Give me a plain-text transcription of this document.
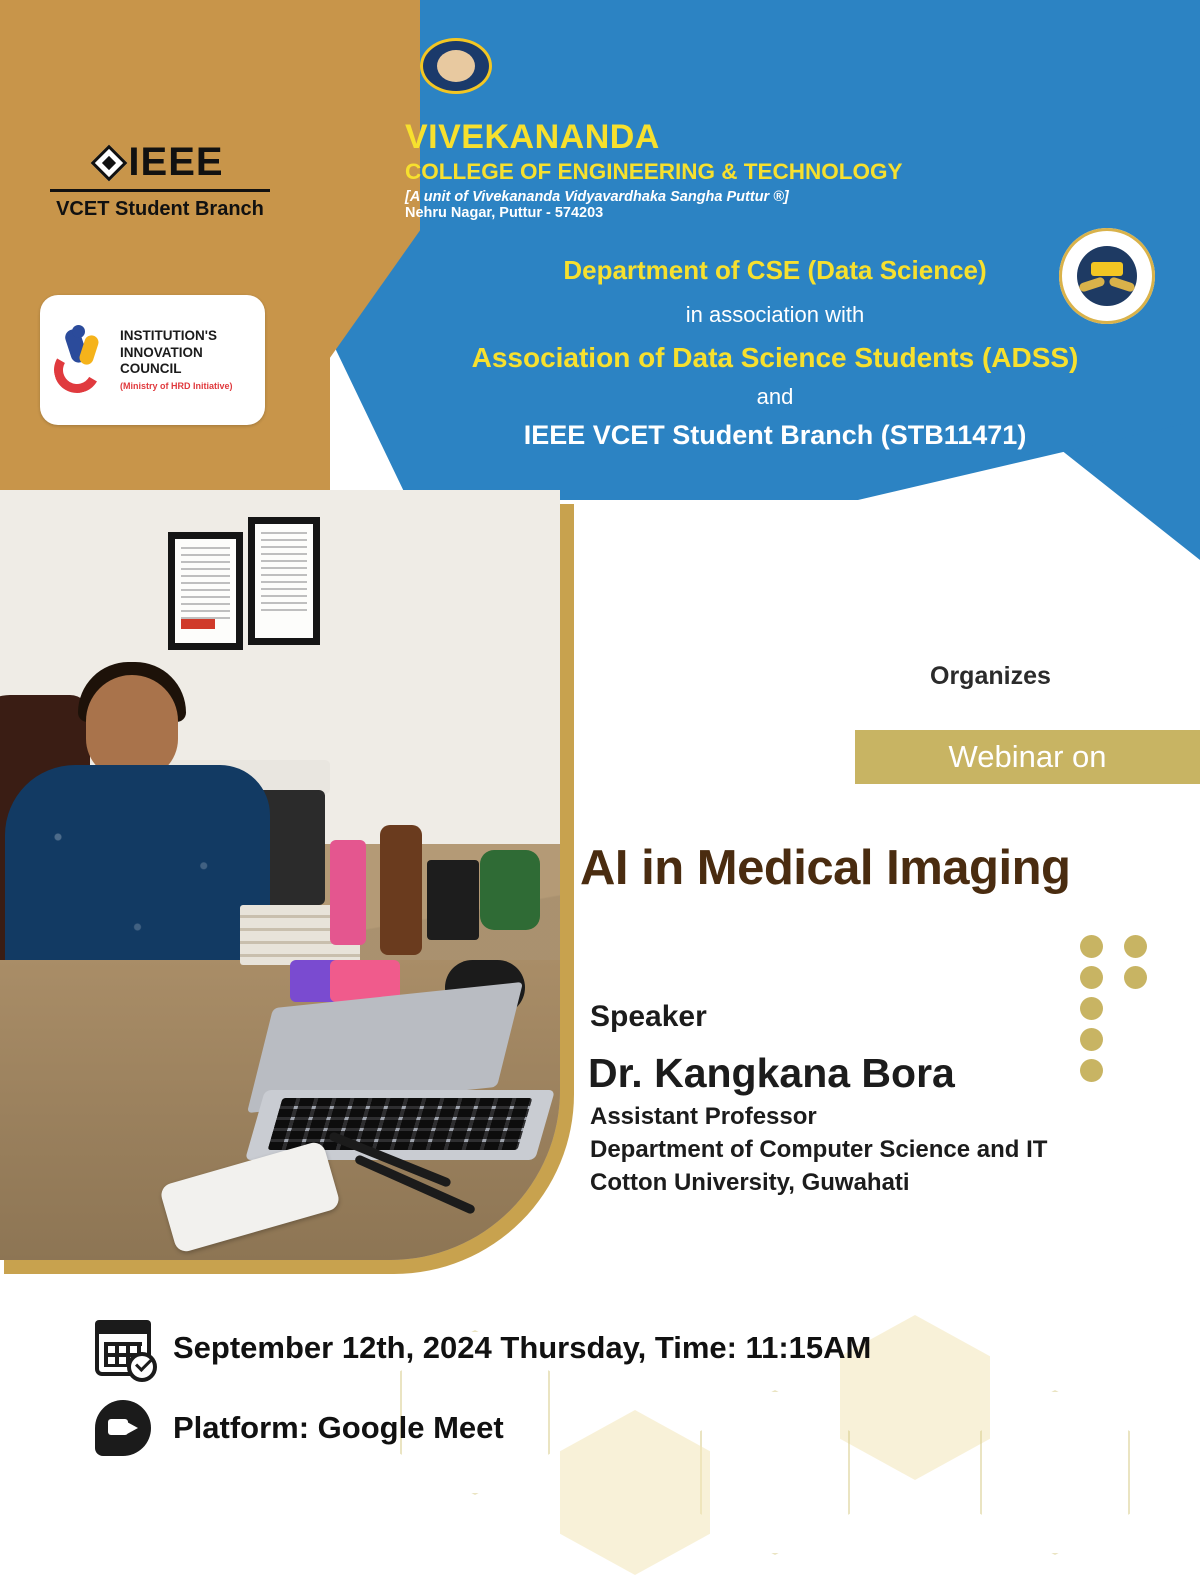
IEEE
VCET Student Branch
INSTITUTION'S
INNOVATION
COUNCIL
(Ministry of HRD Initiative)
VIVEKANANDA
COLLEGE OF ENGINEERING & TECHNOLOGY
[A unit of Vivekananda Vidyavardhaka Sangha Puttur ®]
Nehru Nagar, Puttur - 574203
Department of CSE (Data Science)
in association with
Association of Data Science Students (ADSS)
and
IEEE VCET Student Branch (STB11471)
Organizes
Webinar on
AI in Medical Imaging
Speaker
Dr. Kangkana Bora
Assistant Professor
Department of Computer Science and IT
Cotton University, Guwahati
September 12th, 2024 Thursday, Time: 11:15AM
Platform: Google Meet
